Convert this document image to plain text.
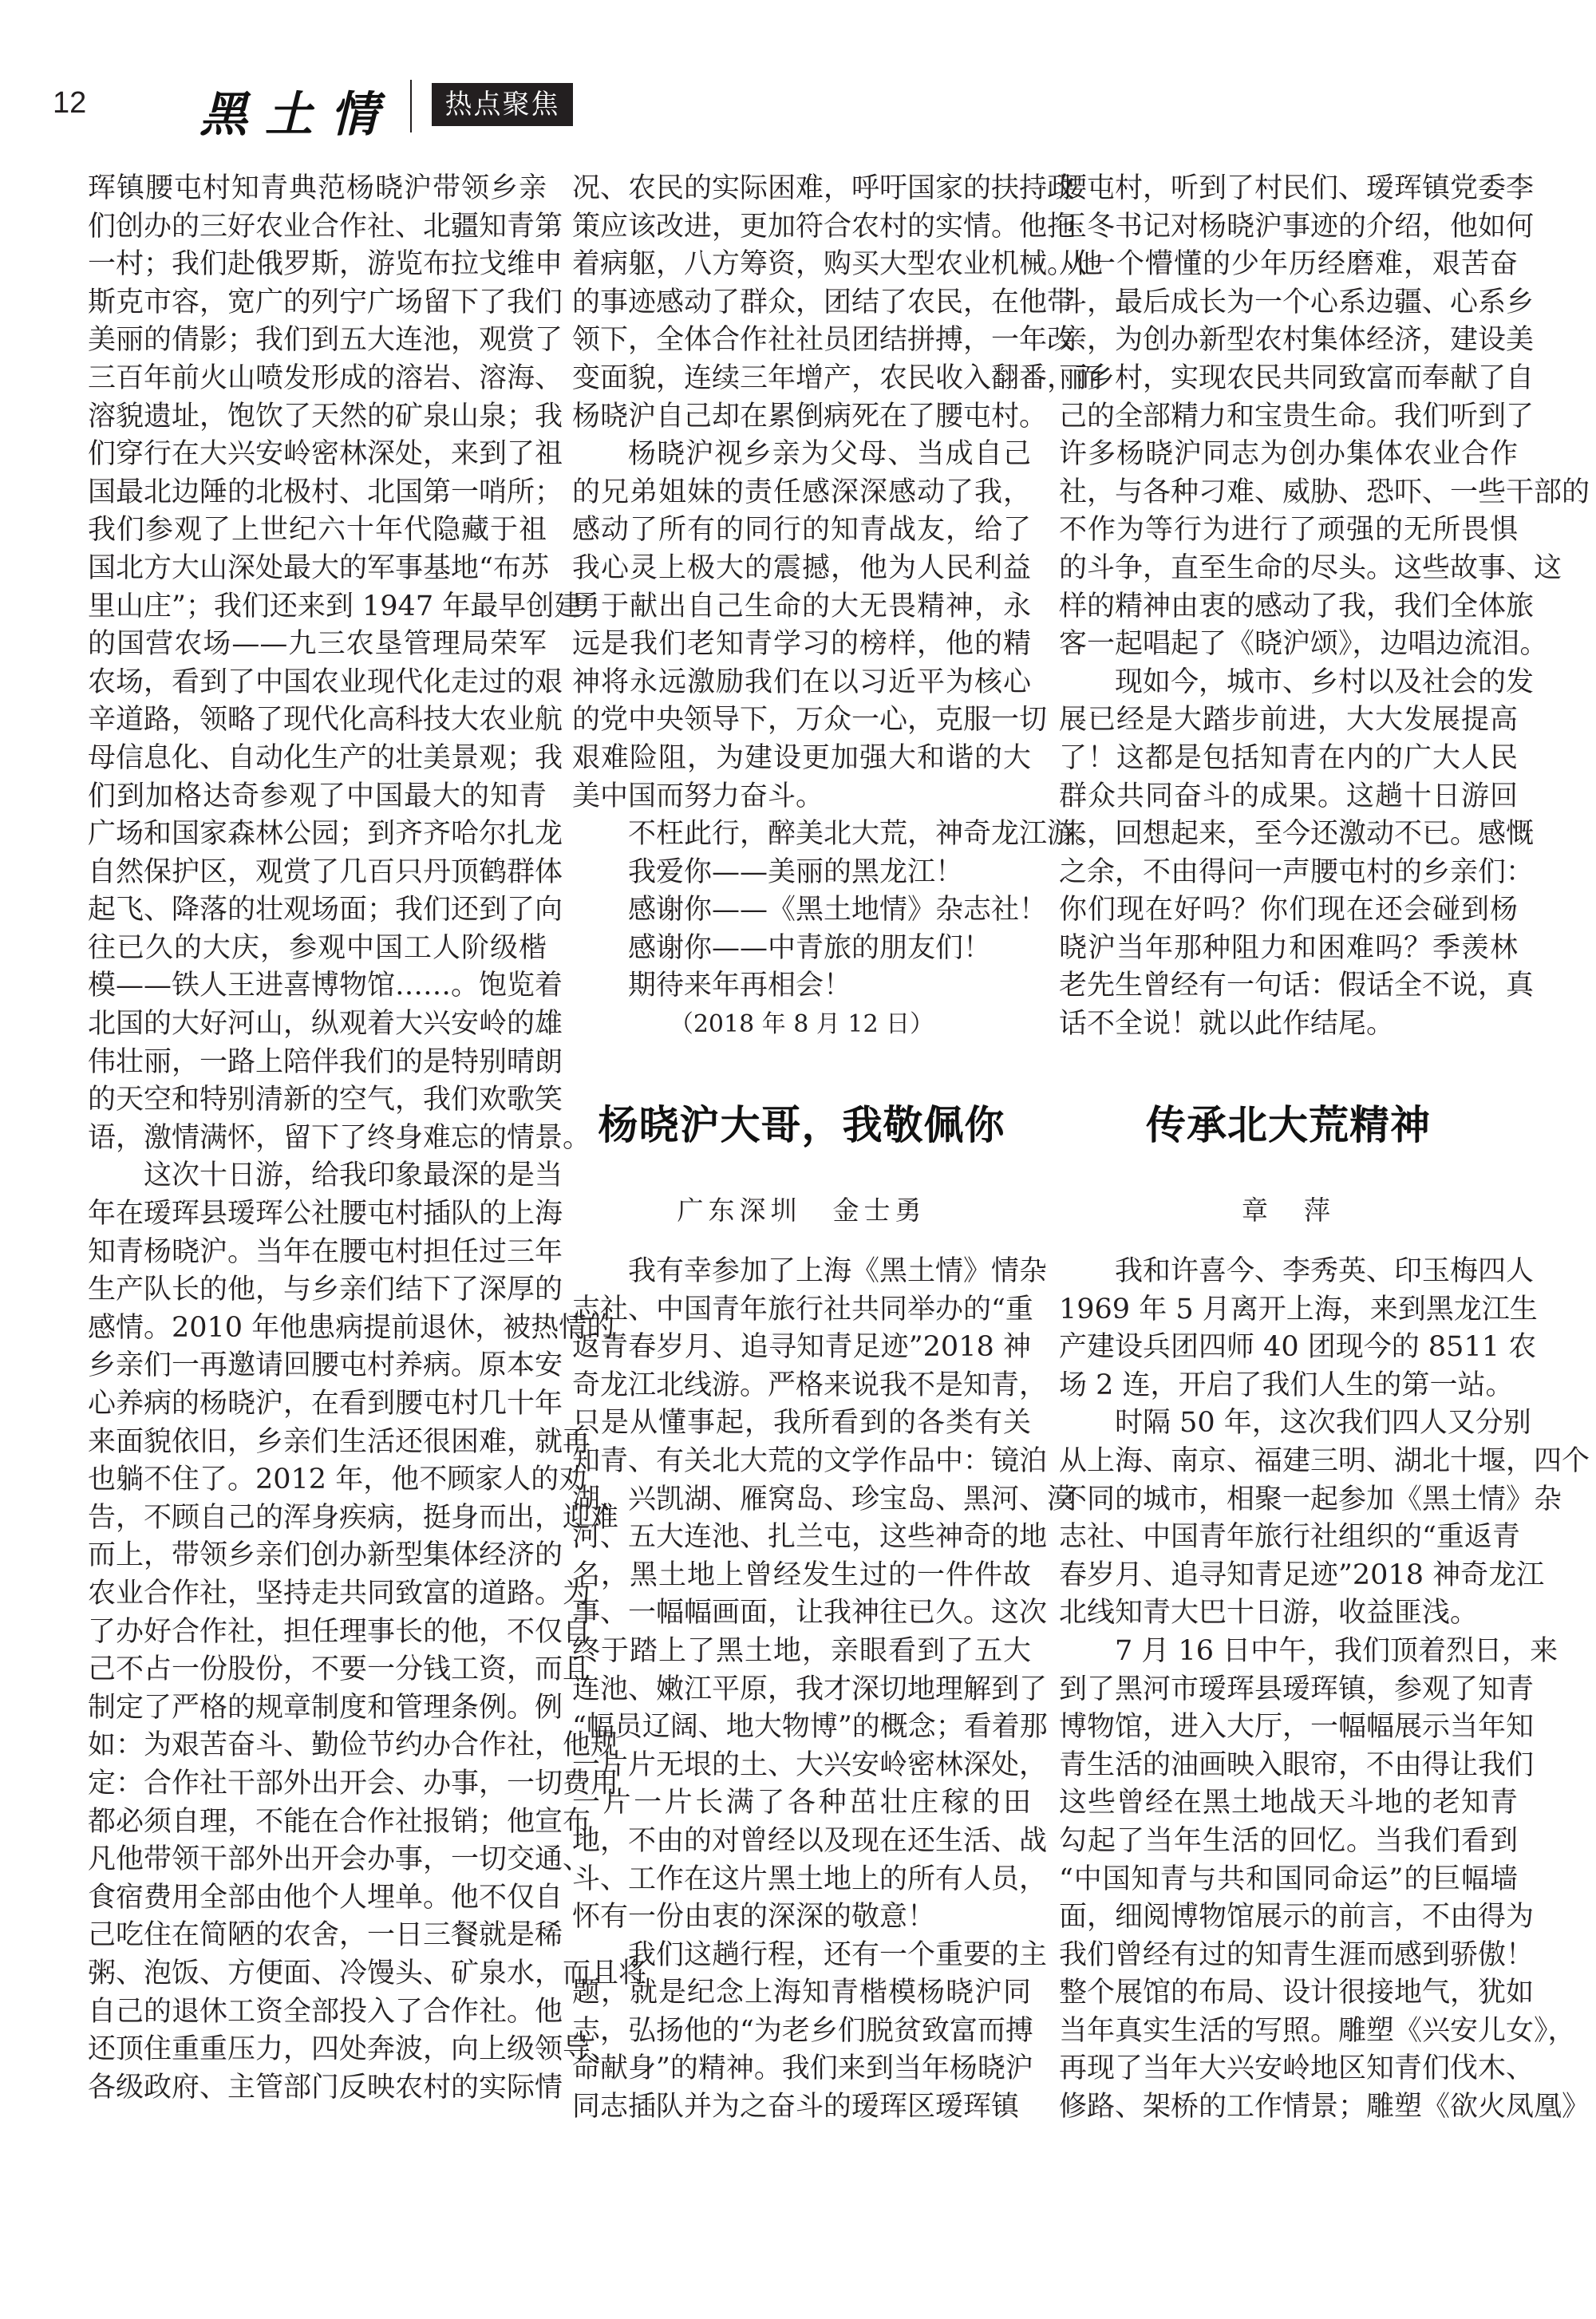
12 黑土情	热点聚焦
珲镇腰屯村知青典范杨晓沪带领乡亲
们创办的三好农业合作社、北疆知青第
一村；我们赴俄罗斯，游览布拉戈维申
斯克市容，宽广的列宁广场留下了我们
美丽的倩影；我们到五大连池，观赏了
三百年前火山喷发形成的溶岩、溶海、
溶貌遗址，饱饮了天然的矿泉山泉；我
们穿行在大兴安岭密林深处，来到了祖
国最北边陲的北极村、北国第一哨所；
我们参观了上世纪六十年代隐藏于祖
国北方大山深处最大的军事基地“布苏
里山庄”；我们还来到 1947 年最早创建
的国营农场——九三农垦管理局荣军
农场，看到了中国农业现代化走过的艰
辛道路，领略了现代化高科技大农业航
母信息化、自动化生产的壮美景观；我
们到加格达奇参观了中国最大的知青
广场和国家森林公园；到齐齐哈尔扎龙
自然保护区，观赏了几百只丹顶鹤群体
起飞、降落的壮观场面；我们还到了向
往已久的大庆，参观中国工人阶级楷
模——铁人王进喜博物馆……。饱览着
北国的大好河山，纵观着大兴安岭的雄
伟壮丽，一路上陪伴我们的是特别晴朗
的天空和特别清新的空气，我们欢歌笑
语，激情满怀，留下了终身难忘的情景。
这次十日游，给我印象最深的是当
年在瑷珲县瑷珲公社腰屯村插队的上海
知青杨晓沪。当年在腰屯村担任过三年
生产队长的他，与乡亲们结下了深厚的
感情。2010 年他患病提前退休，被热情的
乡亲们一再邀请回腰屯村养病。原本安
心养病的杨晓沪，在看到腰屯村几十年
来面貌依旧，乡亲们生活还很困难，就再
也躺不住了。2012 年，他不顾家人的劝
告，不顾自己的浑身疾病，挺身而出，迎难
而上，带领乡亲们创办新型集体经济的
农业合作社，坚持走共同致富的道路。为
了办好合作社，担任理事长的他，不仅自
己不占一份股份，不要一分钱工资，而且
制定了严格的规章制度和管理条例。例
如：为艰苦奋斗、勤俭节约办合作社，他规
定：合作社干部外出开会、办事，一切费用
都必须自理，不能在合作社报销；他宣布
凡他带领干部外出开会办事，一切交通、
食宿费用全部由他个人埋单。他不仅自
己吃住在简陋的农舍，一日三餐就是稀
粥、泡饭、方便面、冷馒头、矿泉水，而且将
自己的退休工资全部投入了合作社。他
还顶住重重压力，四处奔波，向上级领导、
各级政府、主管部门反映农村的实际情
况、农民的实际困难，呼吁国家的扶持政
策应该改进，更加符合农村的实情。他拖
着病躯，八方筹资，购买大型农业机械。他
的事迹感动了群众，团结了农民，在他带
领下，全体合作社社员团结拼搏，一年改
变面貌，连续三年增产，农民收入翻番，而
杨晓沪自己却在累倒病死在了腰屯村。
杨晓沪视乡亲为父母、当成自己
的兄弟姐妹的责任感深深感动了我，
感动了所有的同行的知青战友，给了
我心灵上极大的震撼，他为人民利益
勇于献出自己生命的大无畏精神，永
远是我们老知青学习的榜样，他的精
神将永远激励我们在以习近平为核心
的党中央领导下，万众一心，克服一切
艰难险阻，为建设更加强大和谐的大
美中国而努力奋斗。
不枉此行，醉美北大荒，神奇龙江游。
我爱你——美丽的黑龙江！
感谢你——《黑土地情》杂志社！
感谢你——中青旅的朋友们！
期待来年再相会！
（2018 年 8 月 12 日）
杨晓沪大哥，我敬佩你
广东深圳　金士勇
我有幸参加了上海《黑土情》情杂
志社、中国青年旅行社共同举办的“重
返青春岁月、追寻知青足迹”2018 神
奇龙江北线游。严格来说我不是知青，
只是从懂事起，我所看到的各类有关
知青、有关北大荒的文学作品中：镜泊
湖、兴凯湖、雁窝岛、珍宝岛、黑河、漠
河、五大连池、扎兰屯，这些神奇的地
名，黑土地上曾经发生过的一件件故
事、一幅幅画面，让我神往已久。这次
终于踏上了黑土地，亲眼看到了五大
连池、嫩江平原，我才深切地理解到了
“幅员辽阔、地大物博”的概念；看着那
一片片无垠的土、大兴安岭密林深处，
一片一片长满了各种茁壮庄稼的田
地，不由的对曾经以及现在还生活、战
斗、工作在这片黑土地上的所有人员，
怀有一份由衷的深深的敬意！
我们这趟行程，还有一个重要的主
题，就是纪念上海知青楷模杨晓沪同
志，弘扬他的“为老乡们脱贫致富而搏
命献身”的精神。我们来到当年杨晓沪
同志插队并为之奋斗的瑷珲区瑷珲镇
腰屯村，听到了村民们、瑷珲镇党委李
玉冬书记对杨晓沪事迹的介绍，他如何
从一个懵懂的少年历经磨难，艰苦奋
斗，最后成长为一个心系边疆、心系乡
亲，为创办新型农村集体经济，建设美
丽乡村，实现农民共同致富而奉献了自
己的全部精力和宝贵生命。我们听到了
许多杨晓沪同志为创办集体农业合作
社，与各种刁难、威胁、恐吓、一些干部的
不作为等行为进行了顽强的无所畏惧
的斗争，直至生命的尽头。这些故事、这
样的精神由衷的感动了我，我们全体旅
客一起唱起了《晓沪颂》，边唱边流泪。
现如今，城市、乡村以及社会的发
展已经是大踏步前进，大大发展提高
了！这都是包括知青在内的广大人民
群众共同奋斗的成果。这趟十日游回
来，回想起来，至今还激动不已。感慨
之余，不由得问一声腰屯村的乡亲们：
你们现在好吗？你们现在还会碰到杨
晓沪当年那种阻力和困难吗？季羡林
老先生曾经有一句话：假话全不说，真
话不全说！就以此作结尾。
传承北大荒精神
章　萍
我和许喜今、李秀英、印玉梅四人
1969 年 5 月离开上海，来到黑龙江生
产建设兵团四师 40 团现今的 8511 农
场 2 连，开启了我们人生的第一站。
时隔 50 年，这次我们四人又分别
从上海、南京、福建三明、湖北十堰，四个
不同的城市，相聚一起参加《黑土情》杂
志社、中国青年旅行社组织的“重返青
春岁月、追寻知青足迹”2018 神奇龙江
北线知青大巴十日游，收益匪浅。
7 月 16 日中午，我们顶着烈日，来
到了黑河市瑷珲县瑷珲镇，参观了知青
博物馆，进入大厅，一幅幅展示当年知
青生活的油画映入眼帘，不由得让我们
这些曾经在黑土地战天斗地的老知青
勾起了当年生活的回忆。当我们看到
“中国知青与共和国同命运”的巨幅墙
面，细阅博物馆展示的前言，不由得为
我们曾经有过的知青生涯而感到骄傲！
整个展馆的布局、设计很接地气，犹如
当年真实生活的写照。雕塑《兴安儿女》，
再现了当年大兴安岭地区知青们伐木、
修路、架桥的工作情景；雕塑《欲火凤凰》
